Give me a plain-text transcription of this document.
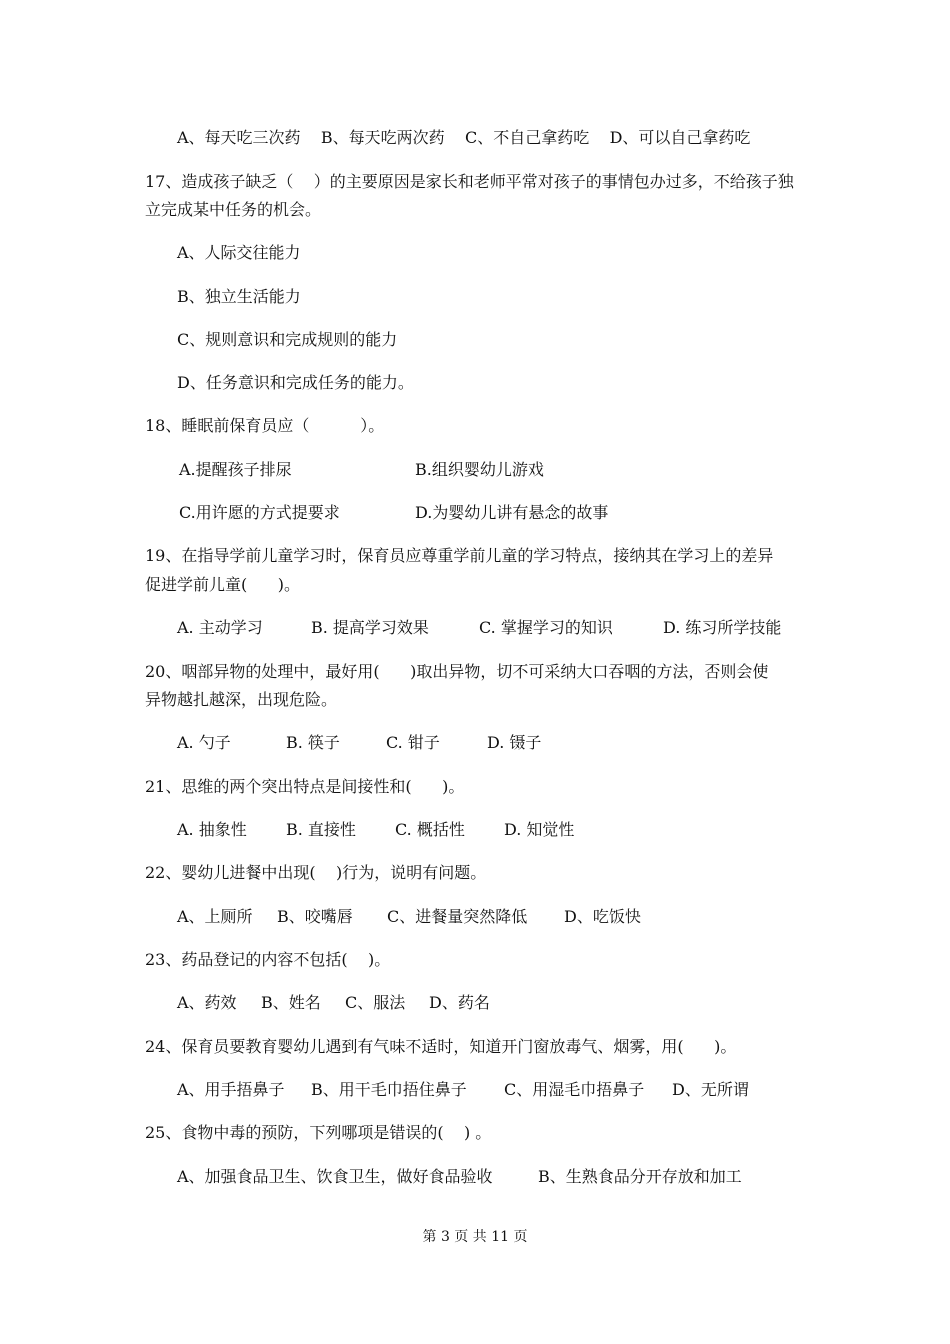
A、每天吃三次药    B、每天吃两次药    C、不自己拿药吃    D、可以自己拿药吃
17、造成孩子缺乏（    ）的主要原因是家长和老师平常对孩子的事情包办过多，不给孩子独
立完成某中任务的机会。
A、人际交往能力
B、独立生活能力
C、规则意识和完成规则的能力
D、任务意识和完成任务的能力。
18、睡眠前保育员应（          ）。
A.提醒孩子排尿	B.组织婴幼儿游戏
C.用许愿的方式提要求	D.为婴幼儿讲有悬念的故事
19、在指导学前儿童学习时，保育员应尊重学前儿童的学习特点，接纳其在学习上的差异
促进学前儿童(      )。
A. 主动学习	B. 提高学习效果	C. 掌握学习的知识	D. 练习所学技能
20、咽部异物的处理中，最好用(      )取出异物，切不可采纳大口吞咽的方法，否则会使
异物越扎越深，出现危险。
A. 勺子	B. 筷子	C. 钳子	D. 镊子
21、思维的两个突出特点是间接性和(      )。
A. 抽象性 B. 直接性 C. 概括性 D. 知觉性
22、婴幼儿进餐中出现(    )行为，说明有问题。
A、上厕所 B、咬嘴唇 C、进餐量突然降低 D、吃饭快
23、药品登记的内容不包括(    )。
A、药效 B、姓名 C、服法 D、药名
24、保育员要教育婴幼儿遇到有气味不适时，知道开门窗放毒气、烟雾，用(      )。
A、用手捂鼻子 B、用干毛巾捂住鼻子 C、用湿毛巾捂鼻子 D、无所谓
25、食物中毒的预防，下列哪项是错误的(    ) 。
A、加强食品卫生、饮食卫生，做好食品验收	B、生熟食品分开存放和加工
第 3 页 共 11 页
